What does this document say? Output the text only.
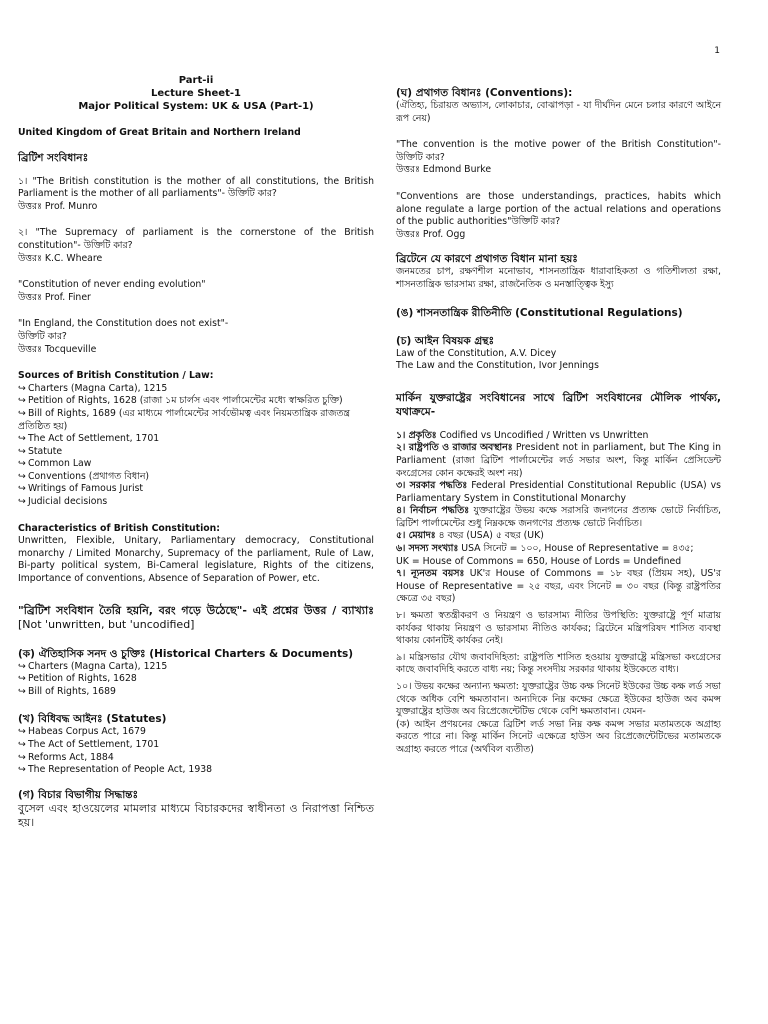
1
Part-ii
Lecture Sheet-1
Major Political System: UK & USA (Part-1)

United Kingdom of Great Britain and Northern Ireland

ব্রিটিশ সংবিধানঃ

১। "The British constitution is the mother of all constitutions, the British Parliament is the mother of all parliaments"- উক্তিটি কার?

উত্তরঃ Prof. Munro

২। "The Supremacy of parliament is the cornerstone of the British constitution"- উক্তিটি কার?

উত্তরঃ K.C. Wheare

"Constitution of never ending evolution"

উত্তরঃ Prof. Finer

"In England, the Constitution does not exist"-

উক্তিটি কার?

উত্তরঃ Tocqueville

Sources of British Constitution / Law:

↪ Charters (Magna Carta), 1215

↪ Petition of Rights, 1628 (রাজা ১ম চার্লস এবং পার্লামেন্টের মধ্যে স্বাক্ষরিত চুক্তি)

↪ Bill of Rights, 1689 (এর মাধ্যমে পার্লামেন্টের সার্বভৌমত্ব এবং নিয়মতান্ত্রিক রাজতন্ত্র প্রতিষ্ঠিত হয়)

↪ The Act of Settlement, 1701

↪ Statute

↪ Common Law

↪ Conventions (প্রথাগত বিধান)

↪ Writings of Famous Jurist

↪ Judicial decisions

Characteristics of British Constitution:

Unwritten, Flexible, Unitary, Parliamentary democracy, Constitutional monarchy / Limited Monarchy, Supremacy of the parliament, Rule of Law, Bi-party political system, Bi-Cameral legislature, Rights of the citizens, Importance of conventions, Absence of Separation of Power, etc.

"ব্রিটিশ সংবিধান তৈরি হয়নি, বরং গড়ে উঠেছে"- এই প্রশ্নের উত্তর / ব্যাখ্যাঃ [Not 'unwritten, but 'uncodified]

(ক) ঐতিহাসিক সনদ ও চুক্তিঃ (Historical Charters & Documents)

↪ Charters (Magna Carta), 1215

↪ Petition of Rights, 1628

↪ Bill of Rights, 1689

(খ) বিধিবদ্ধ আইনঃ (Statutes)

↪ Habeas Corpus Act, 1679

↪ The Act of Settlement, 1701

↪ Reforms Act, 1884

↪ The Representation of People Act, 1938

(গ) বিচার বিভাগীয় সিদ্ধান্তঃ

বুসেল এবং হাওয়েলের মামলার মাধ্যমে বিচারকদের স্বাধীনতা ও নিরাপত্তা নিশ্চিত হয়।

(ঘ) প্রথাগত বিধানঃ (Conventions):

(ঐতিহ্য, চিরায়ত অভ্যাস, লোকাচার, বোঝাপড়া - যা দীর্ঘদিন মেনে চলার কারণে আইনে রূপ নেয়)

"The convention is the motive power of the British Constitution"- উক্তিটি কার?

উত্তরঃ Edmond Burke

"Conventions are those understandings, practices, habits which alone regulate a large portion of the actual relations and operations of the public authorities"উক্তিটি কার?

উত্তরঃ Prof. Ogg

ব্রিটেনে যে কারণে প্রথাগত বিধান মানা হয়ঃ

জনমতের চাপ, রক্ষণশীল মনোভাব, শাসনতান্ত্রিক ধারাবাহিকতা ও গতিশীলতা রক্ষা, শাসনতান্ত্রিক ভারসাম্য রক্ষা, রাজনৈতিক ও মনস্তাত্ত্বিক ইস্যু

(ঙ) শাসনতান্ত্রিক রীতিনীতি (Constitutional Regulations)

(চ) আইন বিষয়ক গ্রন্থঃ

Law of the Constitution, A.V. Dicey

The Law and the Constitution, Ivor Jennings

মার্কিন যুক্তরাষ্ট্রের সংবিধানের সাথে ব্রিটিশ সংবিধানের মৌলিক পার্থক্য, যথাক্রমে-

১। প্রকৃতিঃ Codified vs Uncodified / Written vs Unwritten

২। রাষ্ট্রপতি ও রাজার অবস্থানঃ President not in parliament, but The King in Parliament (রাজা ব্রিটিশ পার্লামেন্টের লর্ড সভার অংশ, কিন্তু মার্কিন প্রেসিডেন্ট কংগ্রেসের কোন কক্ষেরই অংশ নয়)

৩। সরকার পদ্ধতিঃ Federal Presidential Constitutional Republic (USA) vs Parliamentary System in Constitutional Monarchy

৪। নির্বাচন পদ্ধতিঃ যুক্তরাষ্ট্রের উভয় কক্ষে সরাসরি জনগনের প্রত্যক্ষ ভোটে নির্বাচিত, ব্রিটিশ পার্লামেন্টের শুধু নিম্নকক্ষে জনগণের প্রত্যক্ষ ভোটে নির্বাচিত।

৫। মেয়াদঃ ৪ বছর (USA) ৫ বছর (UK)

৬। সদস্য সংখ্যাঃ USA সিনেট = ১০০, House of Representative = ৪৩৫;

UK = House of Commons = 650, House of Lords = Undefined

৭। ন্যূনতম বয়সঃ UK'র House of Commons = ১৮ বছর (প্রিয়ম সহ), US'র House of Representative = ২৫ বছর, এবং সিনেট = ৩০ বছর (কিন্তু রাষ্ট্রপতির ক্ষেত্রে ৩৫ বছর)

৮। ক্ষমতা স্বতন্ত্রীকরণ ও নিয়ন্ত্রণ ও ভারসাম্য নীতির উপস্থিতি: যুক্তরাষ্ট্রে পূর্ণ মাত্রায় কার্যকর থাকায় নিয়ন্ত্রণ ও ভারসাম্য নীতিও কার্যকর; ব্রিটেনে মন্ত্রিপরিষদ শাসিত ব্যবস্থা থাকায় কোনটিই কার্যকর নেই।

৯। মন্ত্রিসভার যৌথ জবাবদিহিতা: রাষ্ট্রপতি শাসিত হওয়ায় যুক্তরাষ্ট্রে মন্ত্রিসভা কংগ্রেসের কাছে জবাবদিহি করতে বাধ্য নয়; কিন্তু সংসদীয় সরকার থাকায় ইউকেতে বাধ্য।

১০। উভয় কক্ষের অন্যান্য ক্ষমতা: যুক্তরাষ্ট্রের উচ্চ কক্ষ সিনেট ইউকের উচ্চ কক্ষ লর্ড সভা থেকে অধিক বেশি ক্ষমতাবান। অন্যদিকে নিম্ন কক্ষের ক্ষেত্রে ইউকের হাউজ অব কমন্স যুক্তরাষ্ট্রের হাউজ অব রিপ্রেজেন্টেটিভ থেকে বেশি ক্ষমতাবান। যেমন-

(ক) আইন প্রণয়নের ক্ষেত্রে ব্রিটিশ লর্ড সভা নিম্ন কক্ষ কমন্স সভার মতামতকে অগ্রাহ্য করতে পারে না। কিন্তু মার্কিন সিনেট এক্ষেত্রে হাউস অব রিপ্রেজেন্টেটিভের মতামতকে অগ্রাহ্য করতে পারে (অর্থবিল ব্যতীত)
